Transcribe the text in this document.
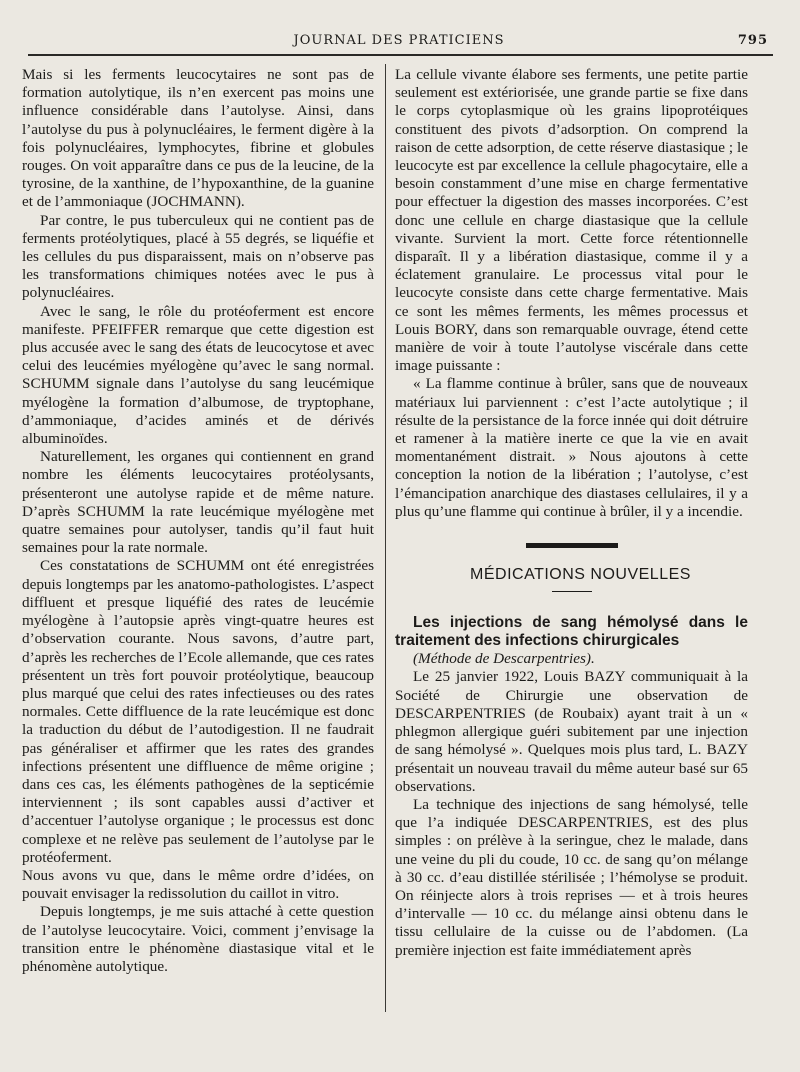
JOURNAL DES PRATICIENS	795

Mais si les ferments leucocytaires ne sont pas de formation autolytique, ils n’en exercent pas moins une influence considérable dans l’autolyse. Ainsi, dans l’autolyse du pus à polynucléaires, le ferment digère à la fois polynucléaires, lymphocytes, fibrine et globules rouges. On voit apparaître dans ce pus de la leucine, de la tyrosine, de la xanthine, de l’hypoxanthine, de la guanine et de l’ammoniaque (JOCHMANN).

Par contre, le pus tuberculeux qui ne contient pas de ferments protéolytiques, placé à 55 degrés, se liquéfie et les cellules du pus disparaissent, mais on n’observe pas les transformations chimiques notées avec le pus à polynucléaires.

Avec le sang, le rôle du protéoferment est encore manifeste. PFEIFFER remarque que cette digestion est plus accusée avec le sang des états de leucocytose et avec celui des leucémies myélogène qu’avec le sang normal. SCHUMM signale dans l’autolyse du sang leucémique myélogène la formation d’albumose, de tryptophane, d’ammoniaque, d’acides aminés et de dérivés albuminoïdes.

Naturellement, les organes qui contiennent en grand nombre les éléments leucocytaires protéolysants, présenteront une autolyse rapide et de même nature. D’après SCHUMM la rate leucémique myélogène met quatre semaines pour autolyser, tandis qu’il faut huit semaines pour la rate normale.

Ces constatations de SCHUMM ont été enregistrées depuis longtemps par les anatomo-pathologistes. L’aspect diffluent et presque liquéfié des rates de leucémie myélogène à l’autopsie après vingt-quatre heures est d’observation courante. Nous savons, d’autre part, d’après les recherches de l’Ecole allemande, que ces rates présentent un très fort pouvoir protéolytique, beaucoup plus marqué que celui des rates infectieuses ou des rates normales. Cette diffluence de la rate leucémique est donc la traduction du début de l’autodigestion. Il ne faudrait pas généraliser et affirmer que les rates des grandes infections présentent une diffluence de même origine ; dans ces cas, les éléments pathogènes de la septicémie interviennent ; ils sont capables aussi d’activer et d’accentuer l’autolyse organique ; le processus est donc complexe et ne relève pas seulement de l’autolyse par le protéoferment.

Nous avons vu que, dans le même ordre d’idées, on pouvait envisager la redissolution du caillot in vitro.

Depuis longtemps, je me suis attaché à cette question de l’autolyse leucocytaire. Voici, comment j’envisage la transition entre le phénomène diastasique vital et le phénomène autolytique.

La cellule vivante élabore ses ferments, une petite partie seulement est extériorisée, une grande partie se fixe dans le corps cytoplasmique où les grains lipoprotéiques constituent des pivots d’adsorption. On comprend la raison de cette adsorption, de cette réserve diastasique ; le leucocyte est par excellence la cellule phagocytaire, elle a besoin constamment d’une mise en charge fermentative pour effectuer la digestion des masses incorporées. C’est donc une cellule en charge diastasique que la cellule vivante. Survient la mort. Cette force rétentionnelle disparaît. Il y a libération diastasique, comme il y a éclatement granulaire. Le processus vital pour le leucocyte consiste dans cette charge fermentative. Mais ce sont les mêmes ferments, les mêmes processus et Louis BORY, dans son remarquable ouvrage, étend cette manière de voir à toute l’autolyse viscérale dans cette image puissante :

« La flamme continue à brûler, sans que de nouveaux matériaux lui parviennent : c’est l’acte autolytique ; il résulte de la persistance de la force innée qui doit détruire et ramener à la matière inerte ce que la vie en avait momentanément distrait. » Nous ajoutons à cette conception la notion de la libération ; l’autolyse, c’est l’émancipation anarchique des diastases cellulaires, il y a plus qu’une flamme qui continue à brûler, il y a incendie.

MÉDICATIONS NOUVELLES

Les injections de sang hémolysé dans le traitement des infections chirurgicales

(Méthode de Descarpentries).

Le 25 janvier 1922, Louis BAZY communiquait à la Société de Chirurgie une observation de DESCARPENTRIES (de Roubaix) ayant trait à un « phlegmon allergique guéri subitement par une injection de sang hémolysé ». Quelques mois plus tard, L. BAZY présentait un nouveau travail du même auteur basé sur 65 observations.

La technique des injections de sang hémolysé, telle que l’a indiquée DESCARPENTRIES, est des plus simples : on prélève à la seringue, chez le malade, dans une veine du pli du coude, 10 cc. de sang qu’on mélange à 30 cc. d’eau distillée stérilisée ; l’hémolyse se produit. On réinjecte alors à trois reprises — et à trois heures d’intervalle — 10 cc. du mélange ainsi obtenu dans le tissu cellulaire de la cuisse ou de l’abdomen. (La première injection est faite immédiatement après
